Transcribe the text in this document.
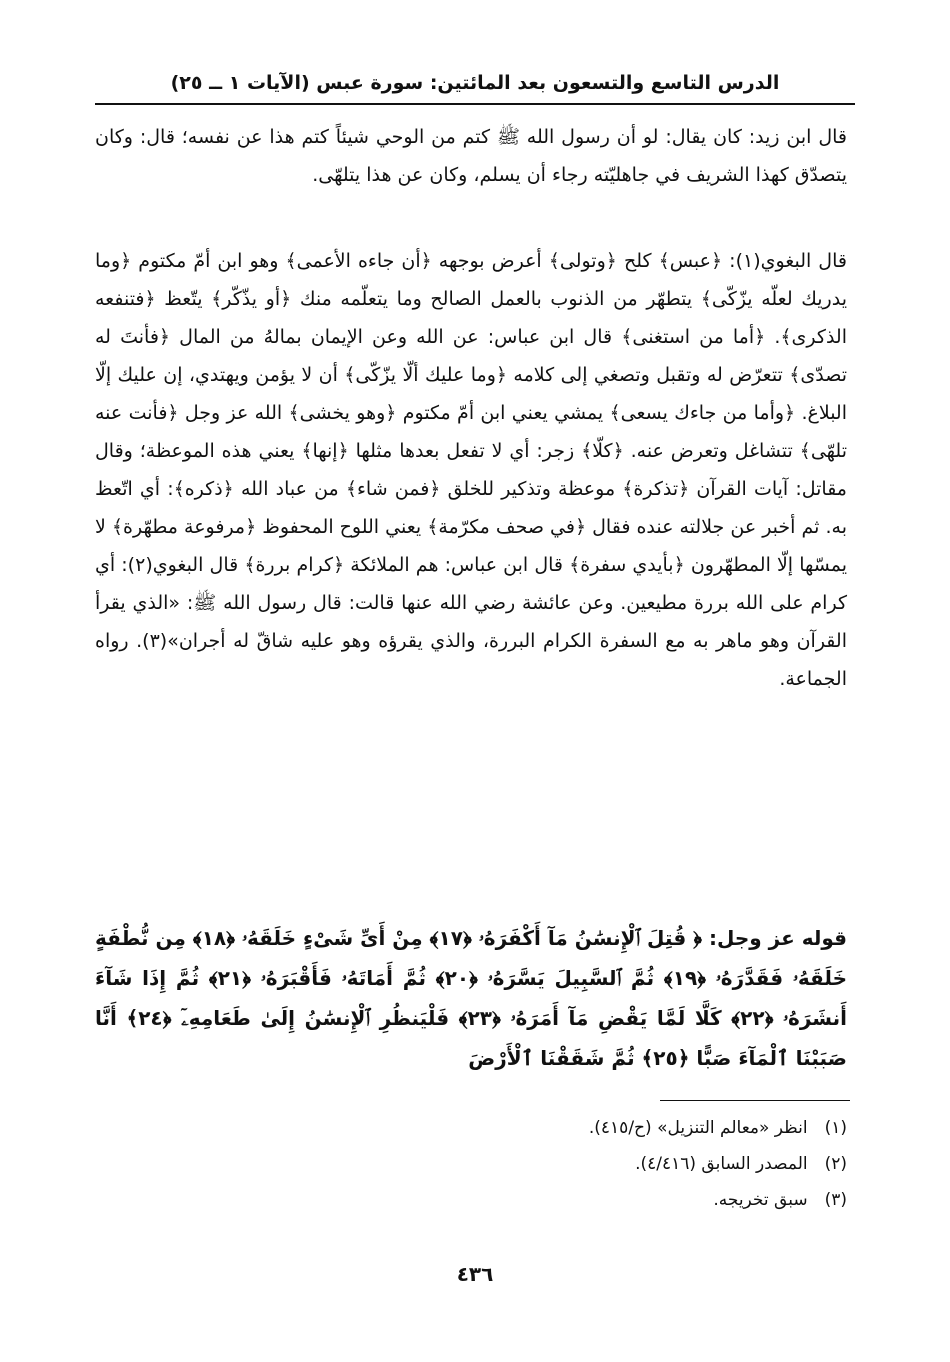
الدرس التاسع والتسعون بعد المائتين: سورة عبس (الآيات ١ ــ ٢٥)

قال ابن زيد: كان يقال: لو أن رسول الله ﷺ كتم من الوحي شيئاً كتم هذا عن نفسه؛ قال: وكان يتصدّق كهذا الشريف في جاهليّته رجاء أن يسلم، وكان عن هذا يتلهّى.

قال البغوي(١): ﴿عبس﴾ كلح ﴿وتولى﴾ أعرض بوجهه ﴿أن جاءه الأعمى﴾ وهو ابن أمّ مكتوم ﴿وما يدريك لعلّه يزّكّى﴾ يتطهّر من الذنوب بالعمل الصالح وما يتعلّمه منك ﴿أو يذّكّر﴾ يتّعظ ﴿فتنفعه الذكرى﴾. ﴿أما من استغنى﴾ قال ابن عباس: عن الله وعن الإيمان بمالهُ من المال ﴿فأنتَ له تصدّى﴾ تتعرّض له وتقبل وتصغي إلى كلامه ﴿وما عليك ألّا يزّكّى﴾ أن لا يؤمن ويهتدي، إن عليك إلّا البلاغ. ﴿وأما من جاءك يسعى﴾ يمشي يعني ابن أمّ مكتوم ﴿وهو يخشى﴾ الله عز وجل ﴿فأنت عنه تلهّى﴾ تتشاغل وتعرض عنه. ﴿كلّا﴾ زجر: أي لا تفعل بعدها مثلها ﴿إنها﴾ يعني هذه الموعظة؛ وقال مقاتل: آيات القرآن ﴿تذكرة﴾ موعظة وتذكير للخلق ﴿فمن شاء﴾ من عباد الله ﴿ذكره﴾: أي اتّعظ به. ثم أخبر عن جلالته عنده فقال ﴿في صحف مكرّمة﴾ يعني اللوح المحفوظ ﴿مرفوعة مطهّرة﴾ لا يمسّها إلّا المطهّرون ﴿بأيدي سفرة﴾ قال ابن عباس: هم الملائكة ﴿كرام بررة﴾ قال البغوي(٢): أي كرام على الله بررة مطيعين. وعن عائشة رضي الله عنها قالت: قال رسول الله ﷺ: «الذي يقرأ القرآن وهو ماهر به مع السفرة الكرام البررة، والذي يقرؤه وهو عليه شاقّ له أجران»(٣). رواه الجماعة.

قوله عز وجل: ﴿ قُتِلَ ٱلْإِنسَٰنُ مَآ أَكْفَرَهُۥ ﴿١٧﴾ مِنْ أَىِّ شَىْءٍ خَلَقَهُۥ ﴿١٨﴾ مِن نُّطْفَةٍ خَلَقَهُۥ فَقَدَّرَهُۥ ﴿١٩﴾ ثُمَّ ٱلسَّبِيلَ يَسَّرَهُۥ ﴿٢٠﴾ ثُمَّ أَمَاتَهُۥ فَأَقْبَرَهُۥ ﴿٢١﴾ ثُمَّ إِذَا شَآءَ أَنشَرَهُۥ ﴿٢٢﴾ كَلَّا لَمَّا يَقْضِ مَآ أَمَرَهُۥ ﴿٢٣﴾ فَلْيَنظُرِ ٱلْإِنسَٰنُ إِلَىٰ طَعَامِهِۦٓ ﴿٢٤﴾ أَنَّا صَبَبْنَا ٱلْمَآءَ صَبًّا ﴿٢٥﴾ ثُمَّ شَقَقْنَا ٱلْأَرْضَ

(١) انظر «معالم التنزيل» (ح/٤١٥).
(٢) المصدر السابق (٤/٤١٦).
(٣) سبق تخريجه.
٤٣٦
